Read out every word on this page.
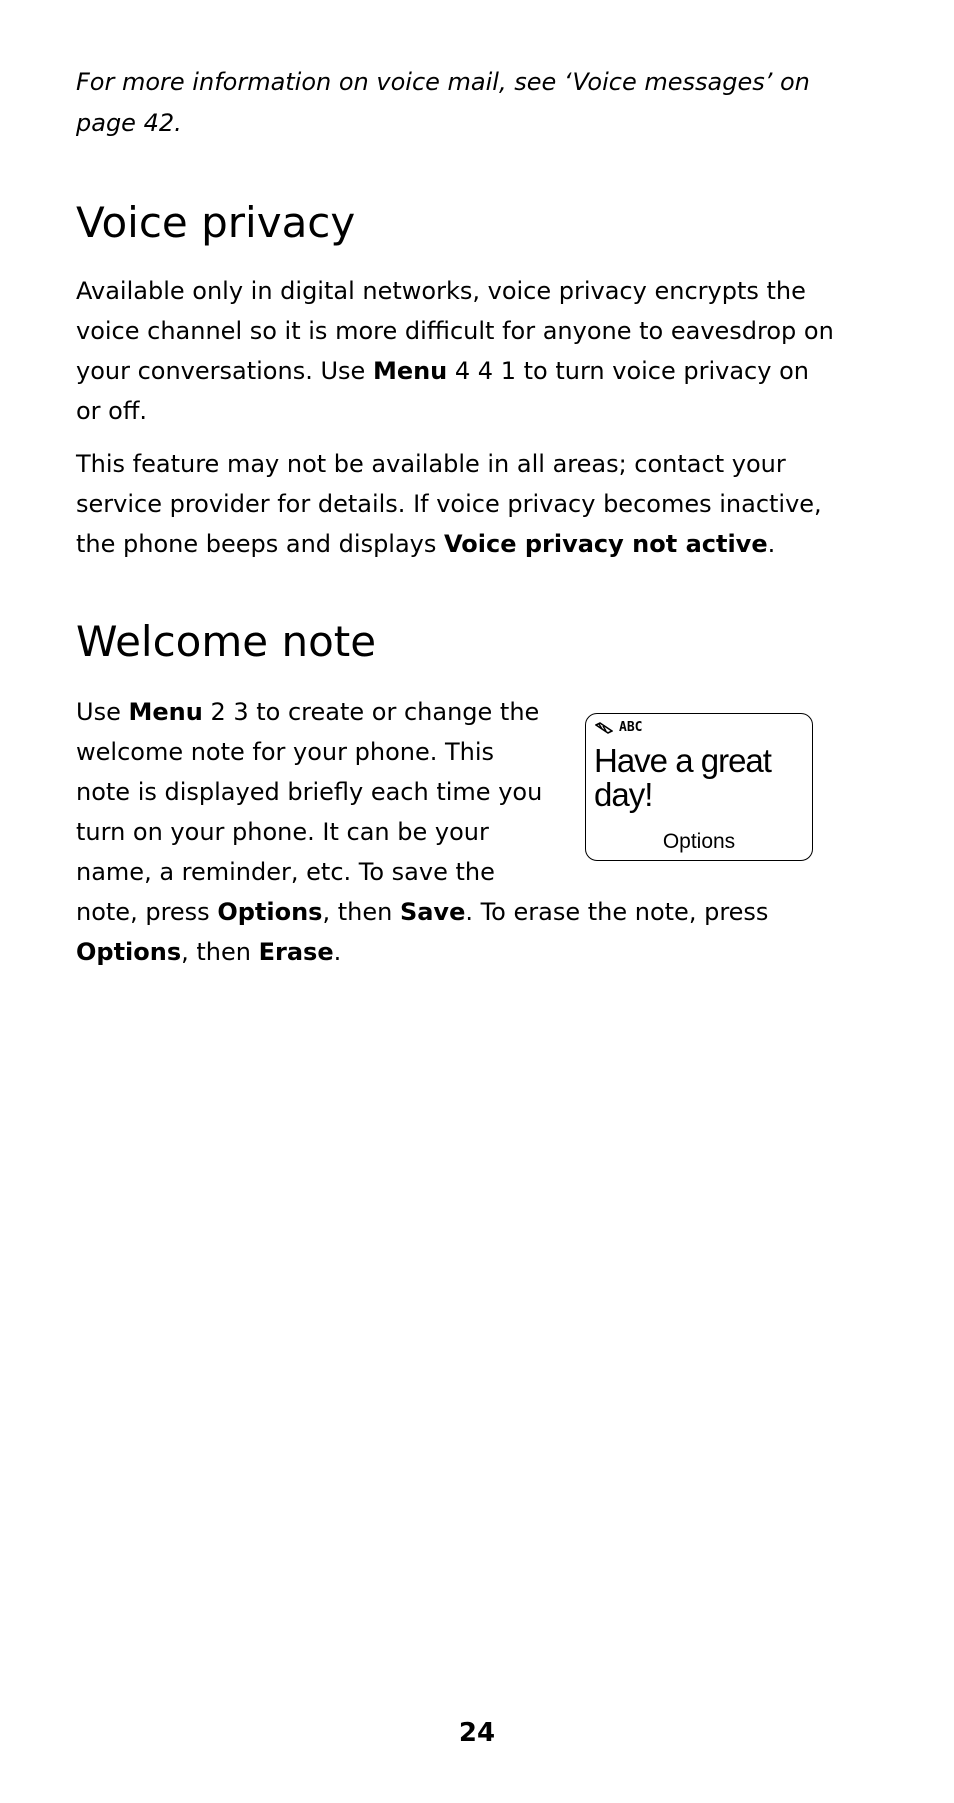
For more information on voice mail, see ‘Voice messages’ on page 42.

Voice privacy

Available only in digital networks, voice privacy encrypts the voice channel so it is more difficult for anyone to eavesdrop on your conversations. Use Menu 4 4 1 to turn voice privacy on or off.

This feature may not be available in all areas; contact your service provider for details. If voice privacy becomes inactive, the phone beeps and displays Voice privacy not active.

Welcome note

Use Menu 2 3 to create or change the

welcome note for your phone. This

note is displayed briefly each time you

turn on your phone. It can be your

name, a reminder, etc. To save the

note, press Options, then Save. To erase the note, press

Options, then Erase.

ABC
Have a great day!
Options
24
